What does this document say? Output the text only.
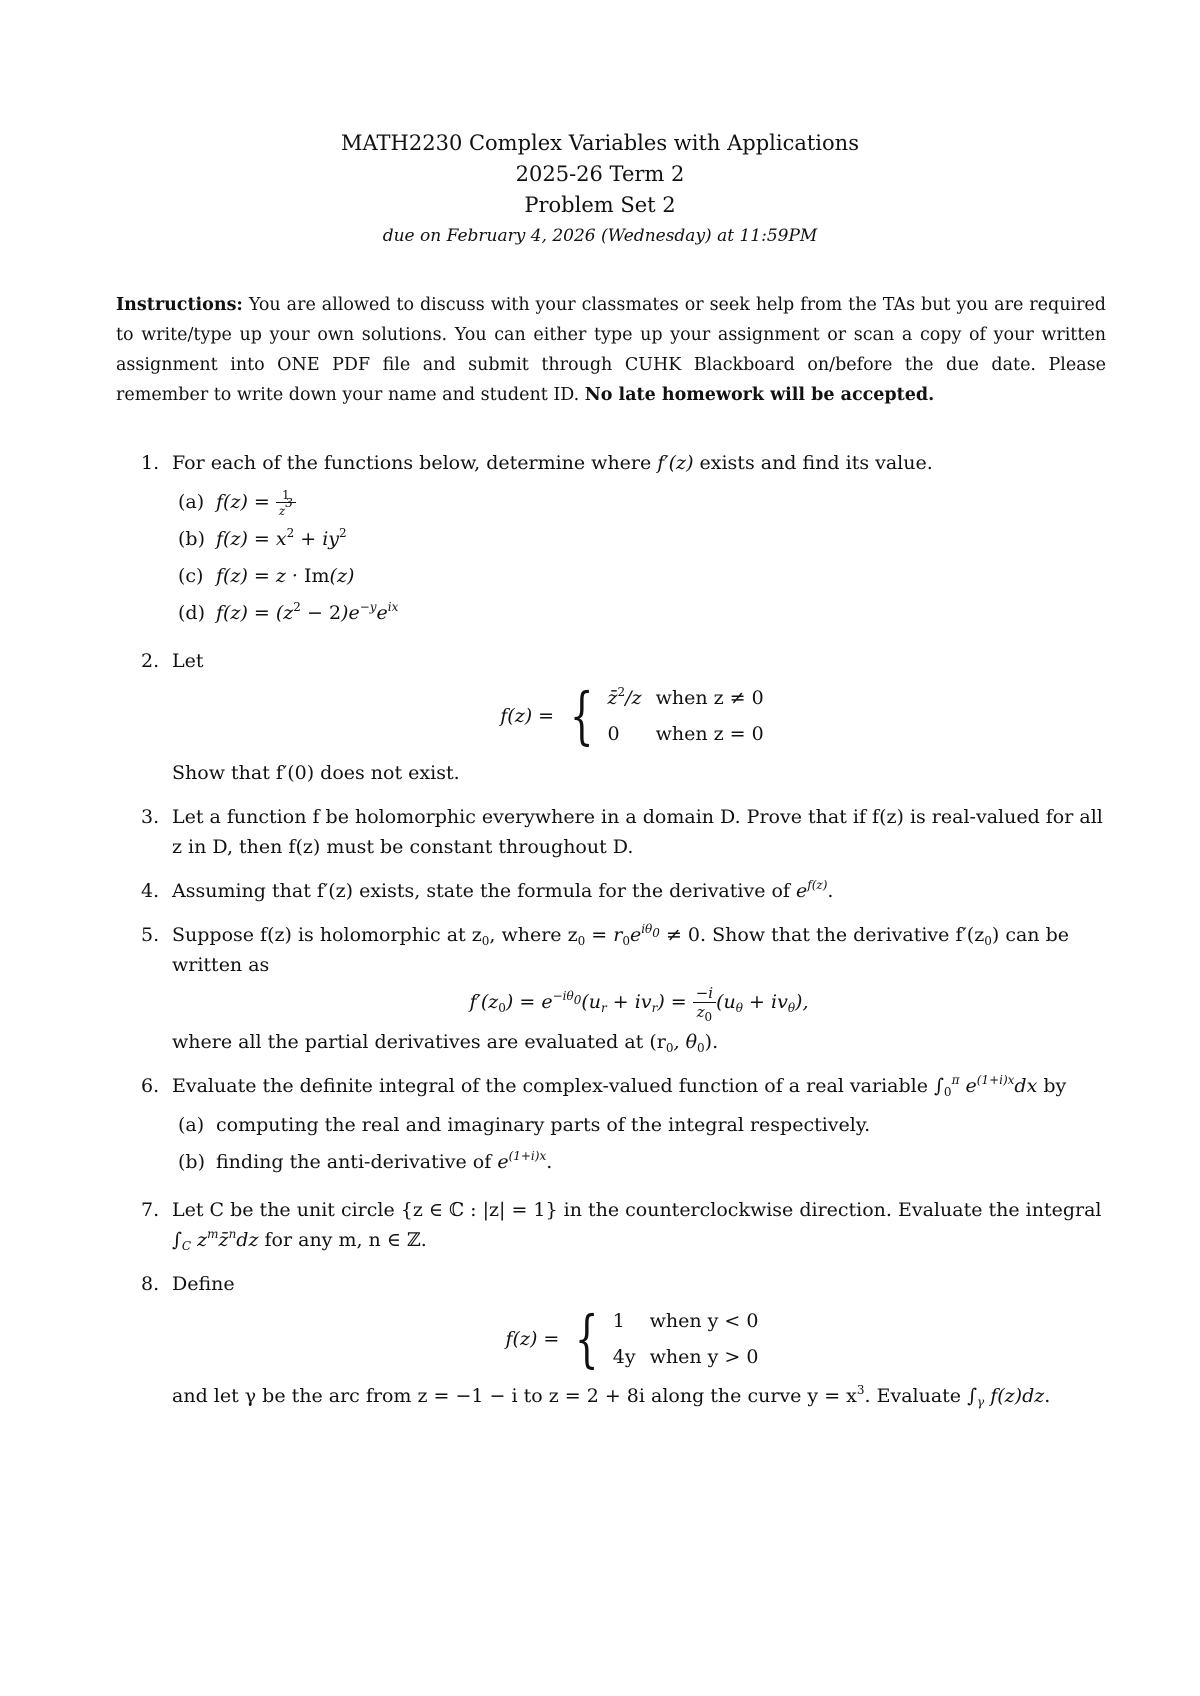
MATH2230 Complex Variables with Applications
2025-26 Term 2
Problem Set 2
due on February 4, 2026 (Wednesday) at 11:59PM
Instructions: You are allowed to discuss with your classmates or seek help from the TAs but you are required to write/type up your own solutions. You can either type up your assignment or scan a copy of your written assignment into ONE PDF file and submit through CUHK Blackboard on/before the due date. Please remember to write down your name and student ID. No late homework will be accepted.
1. For each of the functions below, determine where f′(z) exists and find its value.
(a) $f(z) = \frac{1}{z^3}$
(b) $f(z) = x^2 + iy^2$
(c) f(z) = z · Im(z)
(d) $f(z) = (z^2 - 2)e^{-y}e^{ix}$
2. Let
f(z) = { z̄$^2$/z	when z ≠ 0
0	when z = 0
Show that f′(0) does not exist.
3. Let a function f be holomorphic everywhere in a domain D. Prove that if f(z) is real-valued for all z in D, then f(z) must be constant throughout D.
4. Assuming that f′(z) exists, state the formula for the derivative of $e^{f(z)}$.
5. Suppose f(z) is holomorphic at $z_0$, where $z_0 = r_0e^{i\theta_0} \ne 0$. Show that the derivative $f'(z_0)$ can be written as
$f'(z_0) = e^{-i\theta_0}(u_r + iv_r) = \frac{-i}{z_0} (u_\theta + iv_\theta)$,
where all the partial derivatives are evaluated at ($r_0$, $\theta_0$).
6. Evaluate the definite integral of the complex-valued function of a real variable $\int_0^\pi$ $e^{(1+i)x}dx$ by
(a) computing the real and imaginary parts of the integral respectively.
(b) finding the anti-derivative of $e^{(1+i)x}$.
7. Let C be the unit circle {z ∈ ℂ : |z| = 1} in the counterclockwise direction. Evaluate the integral $\int_C$ $z^mz̄^ndz$ for any m, n ∈ ℤ.
8. Define
f(z) = { 1	when y < 0
4y	when y > 0
and let γ be the arc from z = −1 − i to z = 2 + 8i along the curve $y = x^3$. Evaluate $\int_\gamma$ f(z)dz.
